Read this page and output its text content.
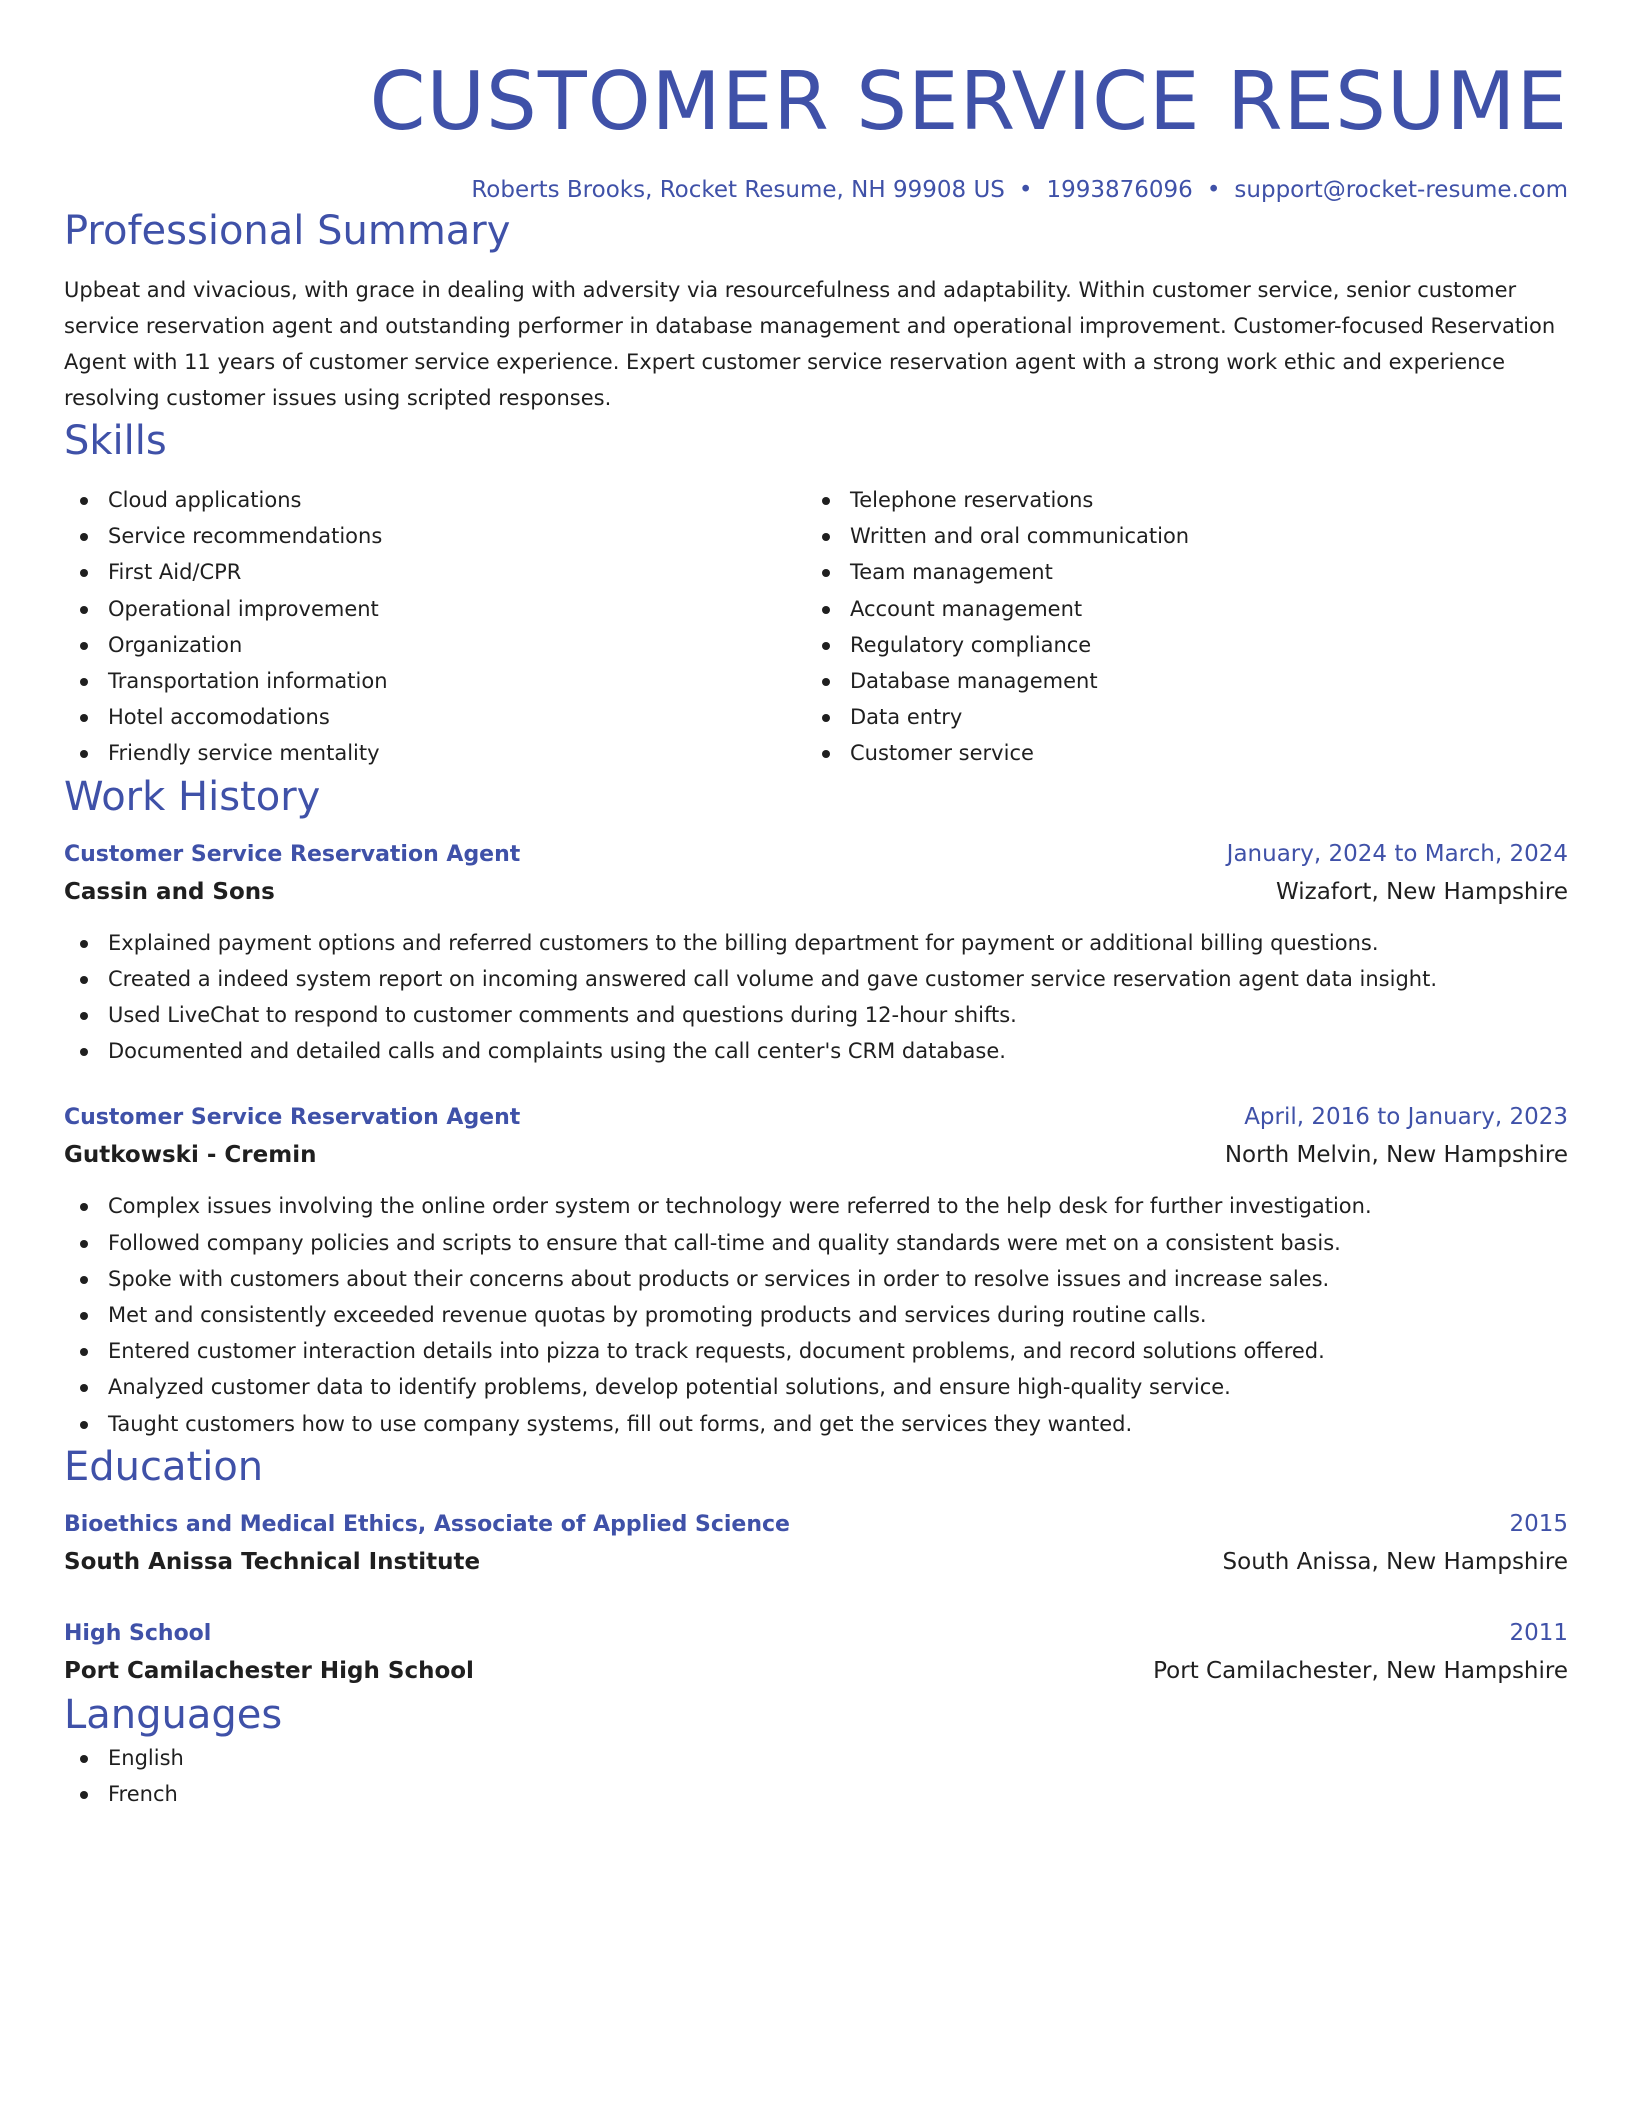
CUSTOMER SERVICE RESUME
Roberts Brooks, Rocket Resume, NH 99908 US • 1993876096 • support@rocket-resume.com
Professional Summary
Upbeat and vivacious, with grace in dealing with adversity via resourcefulness and adaptability. Within customer service, senior customer service reservation agent and outstanding performer in database management and operational improvement. Customer-focused Reservation Agent with 11 years of customer service experience. Expert customer service reservation agent with a strong work ethic and experience resolving customer issues using scripted responses.
Skills
Cloud applications
Service recommendations
First Aid/CPR
Operational improvement
Organization
Transportation information
Hotel accomodations
Friendly service mentality
Telephone reservations
Written and oral communication
Team management
Account management
Regulatory compliance
Database management
Data entry
Customer service
Work History
Customer Service Reservation Agent	January, 2024 to March, 2024
Cassin and Sons	Wizafort, New Hampshire
Explained payment options and referred customers to the billing department for payment or additional billing questions.
Created a indeed system report on incoming answered call volume and gave customer service reservation agent data insight.
Used LiveChat to respond to customer comments and questions during 12-hour shifts.
Documented and detailed calls and complaints using the call center's CRM database.
Customer Service Reservation Agent	April, 2016 to January, 2023
Gutkowski - Cremin	North Melvin, New Hampshire
Complex issues involving the online order system or technology were referred to the help desk for further investigation.
Followed company policies and scripts to ensure that call-time and quality standards were met on a consistent basis.
Spoke with customers about their concerns about products or services in order to resolve issues and increase sales.
Met and consistently exceeded revenue quotas by promoting products and services during routine calls.
Entered customer interaction details into pizza to track requests, document problems, and record solutions offered.
Analyzed customer data to identify problems, develop potential solutions, and ensure high-quality service.
Taught customers how to use company systems, fill out forms, and get the services they wanted.
Education
Bioethics and Medical Ethics, Associate of Applied Science	2015
South Anissa Technical Institute	South Anissa, New Hampshire
High School	2011
Port Camilachester High School	Port Camilachester, New Hampshire
Languages
English
French
